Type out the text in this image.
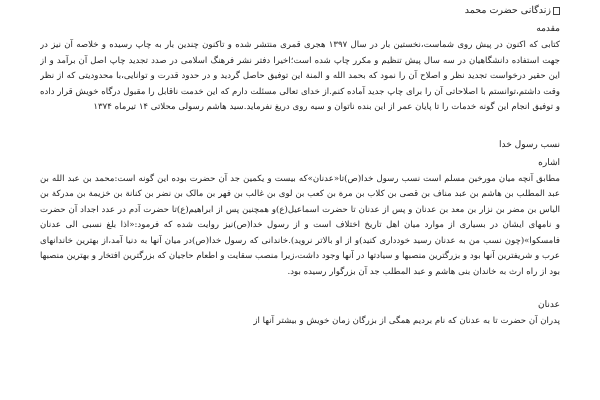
زندگانی حضرت محمد
مقدمه

کتابی که اکنون در پیش روی شماست،نخستین بار در سال ۱۳۹۷ هجری قمری منتشر شده و تاکنون چندین بار به چاپ رسیده و خلاصه آن نیز در جهت استفاده دانشگاهیان در سه سال پیش تنظیم و مکرر چاپ شده است؛اخیرا دفتر نشر فرهنگ اسلامی در صدد تجدید چاپ اصل آن برآمد و از این حقیر درخواست تجدید نظر و اصلاح آن را نمود که بحمد الله و المنة این توفیق حاصل گردید و در حدود قدرت و توانایی،با محدودیتی که از نظر وقت داشتم،توانستم با اصلاحاتی آن را برای چاپ جدید آماده کنم.از خدای تعالی مسئلت دارم که این خدمت ناقابل را مقبول درگاه خویش قرار داده و توفیق انجام این گونه خدمات را تا پایان عمر از این بنده ناتوان و سیه روی دریغ نفرماید.سید هاشم رسولی محلاتی ۱۴ تیرماه ۱۳۷۴

نسب رسول خدا
اشاره

مطابق آنچه میان مورخین مسلم است نسب رسول خدا(ص)تا«عدنان»که بیست و یکمین جد آن حضرت بوده این گونه است:محمد بن عبد الله بن عبد المطلب بن هاشم بن عبد مناف بن قصی بن کلاب بن مرة بن کعب بن لوی بن غالب بن فهر بن مالک بن نضر بن کنانة بن خزیمة بن مدرکة بن الیاس بن مضر بن نزار بن معد بن عدنان و پس از عدنان تا حضرت اسماعیل(ع)و همچنین پس از ابراهیم(ع)تا حضرت آدم در عدد اجداد آن حضرت و نامهای ایشان در بسیاری از موارد میان اهل تاریخ اختلاف است و از رسول خدا(ص)نیز روایت شده که فرمود:«اذا بلغ نسبی الی عدنان فامسکوا»(چون نسب من به عدنان رسید خودداری کنید)و از او بالاتر نروید).خاندانی که رسول خدا(ص)در میان آنها به دنیا آمد،از بهترین خاندانهای عرب و شریفترین آنها بود و بزرگترین منصبها و سیادتها در آنها وجود داشت،زیرا منصب سقایت و اطعام حاجیان که بزرگترین افتخار و بهترین منصبها بود از راه ارث به خاندان بنی هاشم و عبد المطلب جد آن بزرگوار رسیده بود.

عدنان

پدران آن حضرت تا به عدنان که نام بردیم همگی از بزرگان زمان خویش و بیشتر آنها از
